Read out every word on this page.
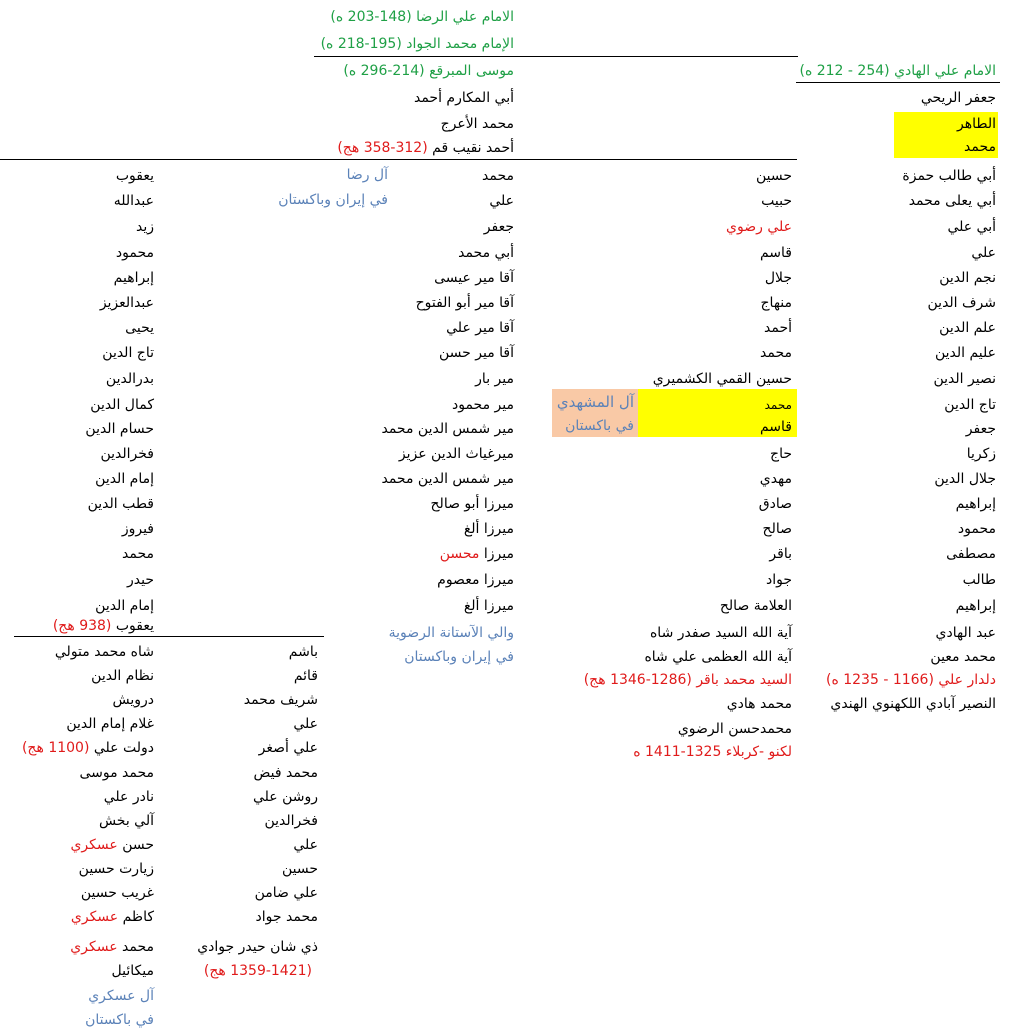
الامام علي الرضا (148-203 ه)
الإمام محمد الجواد (195-218 ه)
موسى المبرقع (214-296 ه)	الامام علي الهادي (254 - 212 ه)
جعفر الريحي
الطاهر
محمد
أبي المكارم أحمد
محمد الأعرج
أحمد نقيب قم (312-358 هج)
أبي طالب حمزة
أبي يعلى محمد
أبي علي
علي
نجم الدين
شرف الدين
علم الدين
عليم الدين
نصير الدين
تاج الدين
جعفر
زكريا
جلال الدين
إبراهيم
محمود
مصطفى
طالب
إبراهيم
عبد الهادي
محمد معين
دلدار علي (1166 - 1235 ه)
النصير آبادي اللكهنوي الهندي
حسين
حبيب
علي رضوي
قاسم
جلال
منهاج
أحمد
محمد
حسين القمي الكشميري
محمد
قاسم
حاج
مهدي
صادق
صالح
باقر
جواد
العلامة صالح
آية الله السيد صفدر شاه
آية الله العظمى علي شاه
السيد محمد باقر (1286-1346 هج)
محمد هادي
محمدحسن الرضوي
لكنو -كربلاء 1325-1411 ه
آل المشهدي
في باكستان
محمد
علي
جعفر
أبي محمد
آقا مير عيسى
آقا مير أبو الفتوح
آقا مير علي
آقا مير حسن
مير بار
مير محمود
مير شمس الدين محمد
ميرغياث الدين عزيز
مير شمس الدين محمد
ميرزا أبو صالح
ميرزا ألغ
ميرزا محسن
ميرزا معصوم
ميرزا ألغ
والي الآستانة الرضوية
في إيران وباكستان
آل رضا
في إيران وباكستان
يعقوب
عبدالله
زيد
محمود
إبراهيم
عبدالعزيز
يحيى
تاج الدين
بدرالدين
كمال الدين
حسام الدين
فخرالدين
إمام الدين
قطب الدين
فيروز
محمد
حيدر
إمام الدين
يعقوب (938 هج)
شاه محمد متولي
نظام الدين
درويش
غلام إمام الدين
دولت علي (1100 هج)
محمد موسى
نادر علي
آلي بخش
حسن عسكري
زيارت حسين
غريب حسين
كاظم عسكري
محمد عسكري
ميكائيل
آل عسكري
في باكستان
باشم
قائم
شريف محمد
علي
علي أصغر
محمد فيض
روشن علي
فخرالدين
علي
حسين
علي ضامن
محمد جواد
ذي شان حيدر جوادي
(1359-1421 هج)
